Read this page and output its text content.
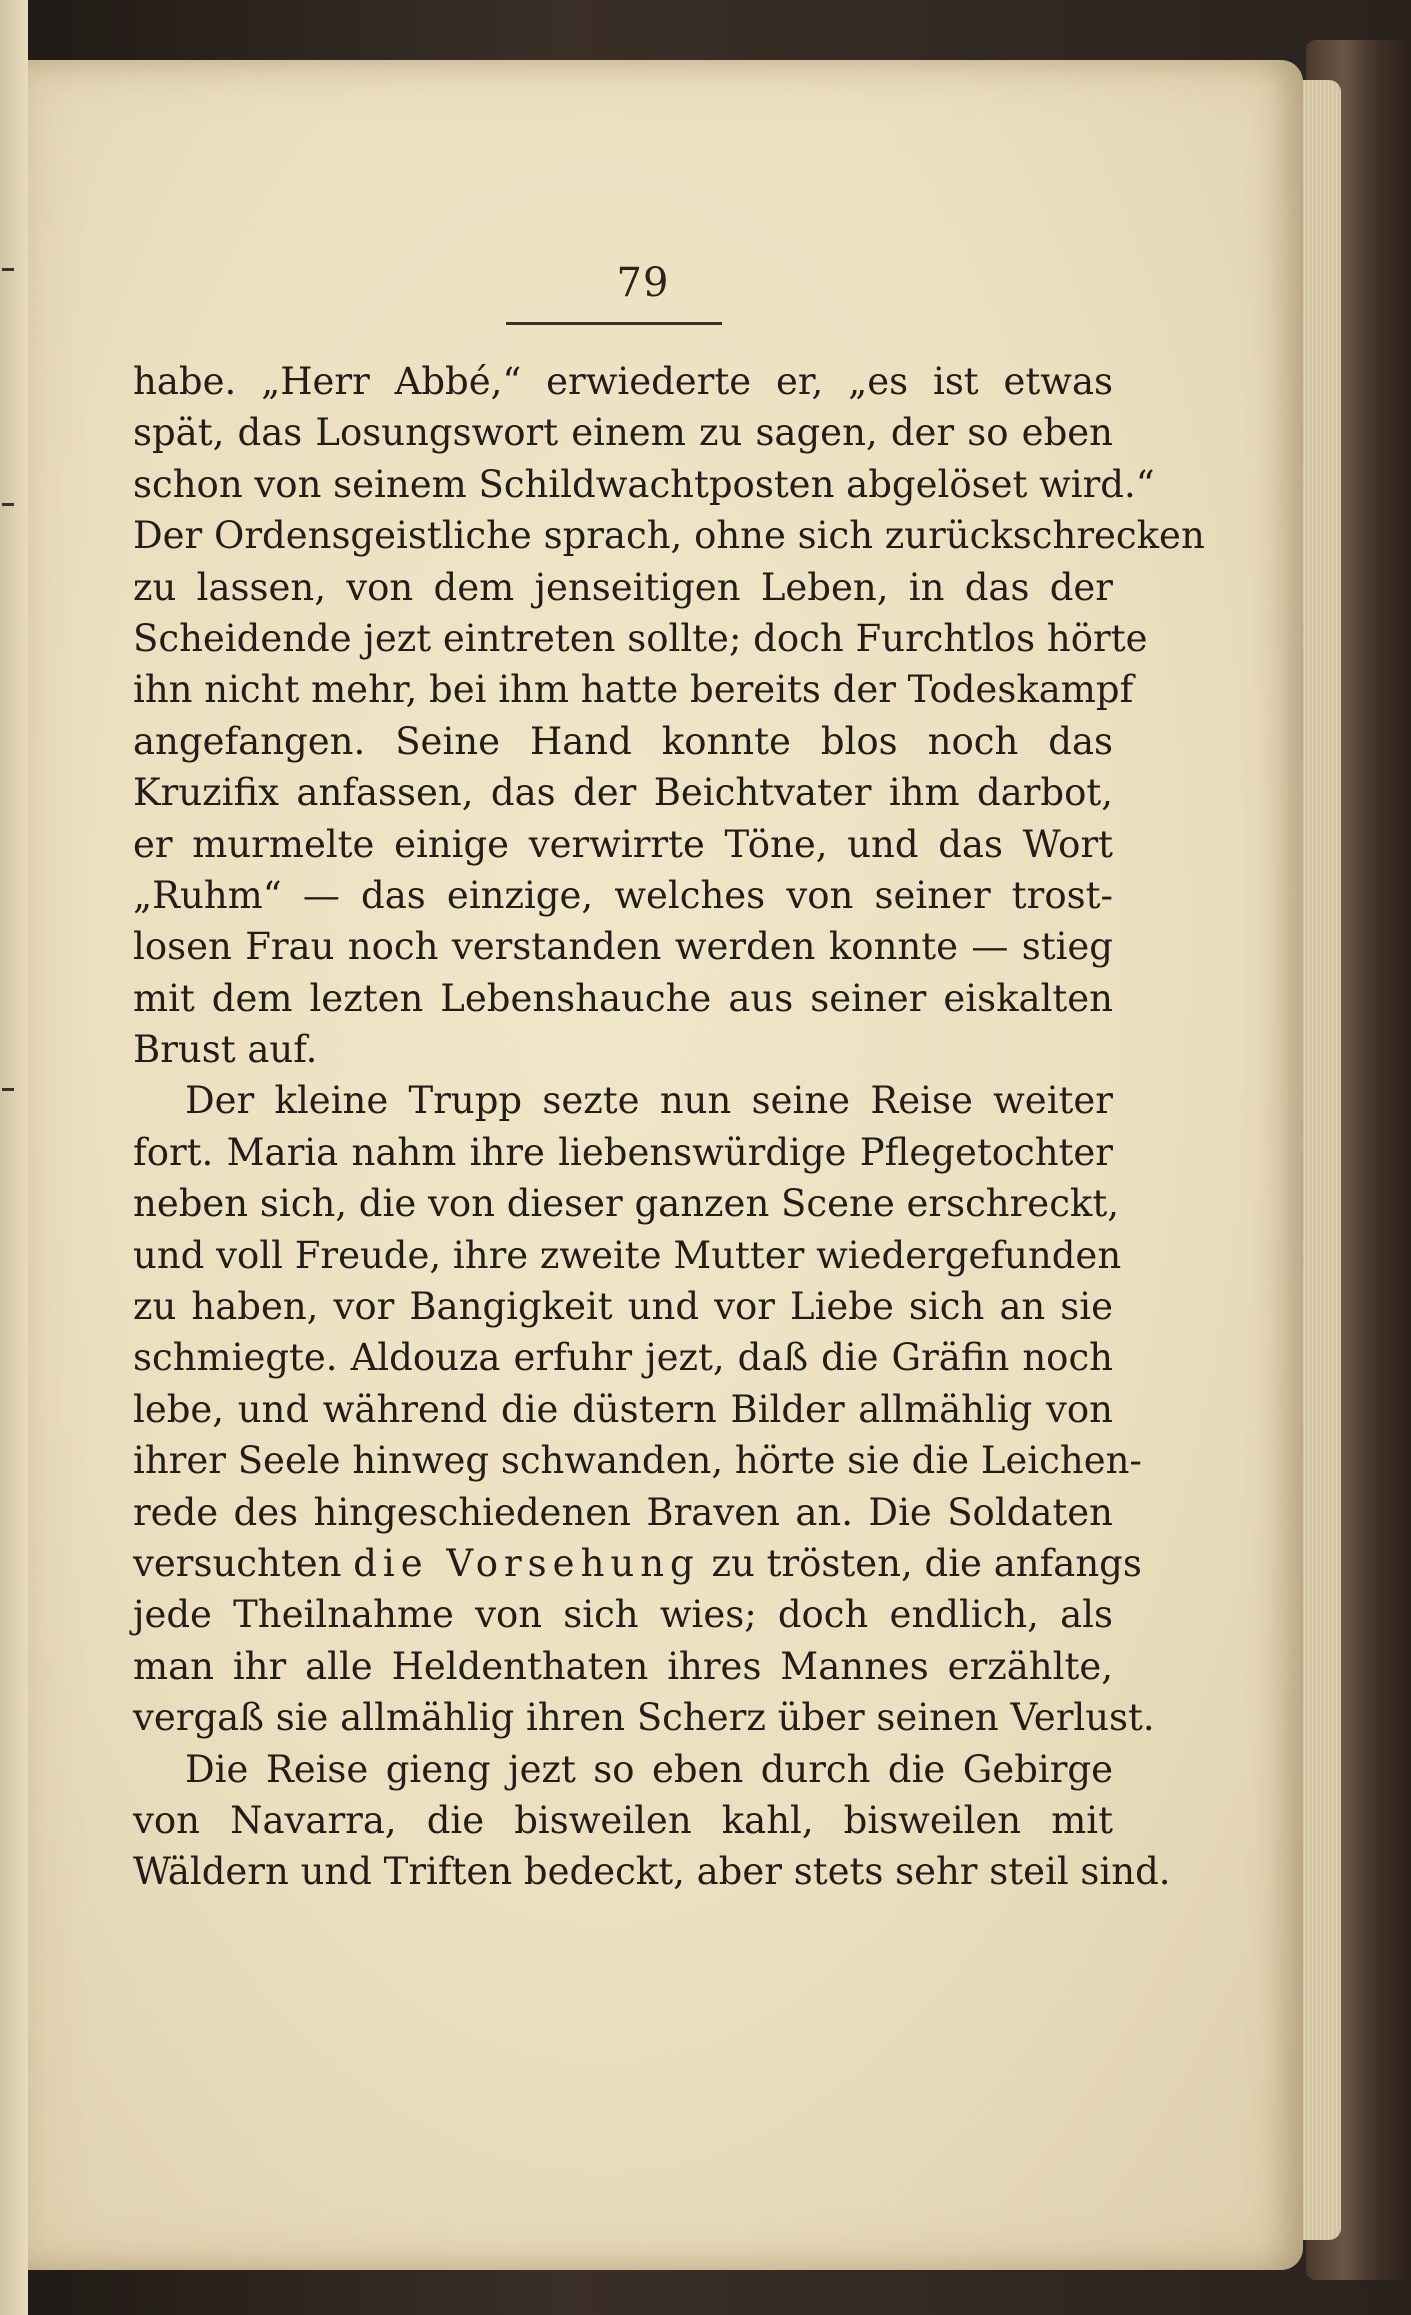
79
habe. „Herr Abbé,“ erwiederte er, „es ist etwas
spät, das Losungswort einem zu sagen, der so eben
schon von seinem Schildwachtposten abgelöset wird.“
Der Ordensgeistliche sprach, ohne sich zurückschrecken
zu lassen, von dem jenseitigen Leben, in das der
Scheidende jezt eintreten sollte; doch Furchtlos hörte
ihn nicht mehr, bei ihm hatte bereits der Todeskampf
angefangen. Seine Hand konnte blos noch das
Kruzifix anfassen, das der Beichtvater ihm darbot,
er murmelte einige verwirrte Töne, und das Wort
„Ruhm“ — das einzige, welches von seiner trost-
losen Frau noch verstanden werden konnte — stieg
mit dem lezten Lebenshauche aus seiner eiskalten
Brust auf.
Der kleine Trupp sezte nun seine Reise weiter
fort. Maria nahm ihre liebenswürdige Pflegetochter
neben sich, die von dieser ganzen Scene erschreckt,
und voll Freude, ihre zweite Mutter wiedergefunden
zu haben, vor Bangigkeit und vor Liebe sich an sie
schmiegte. Aldouza erfuhr jezt, daß die Gräfin noch
lebe, und während die düstern Bilder allmählig von
ihrer Seele hinweg schwanden, hörte sie die Leichen-
rede des hingeschiedenen Braven an. Die Soldaten
versuchten die Vorsehung zu trösten, die anfangs
jede Theilnahme von sich wies; doch endlich, als
man ihr alle Heldenthaten ihres Mannes erzählte,
vergaß sie allmählig ihren Scherz über seinen Verlust.
Die Reise gieng jezt so eben durch die Gebirge
von Navarra, die bisweilen kahl, bisweilen mit
Wäldern und Triften bedeckt, aber stets sehr steil sind.
